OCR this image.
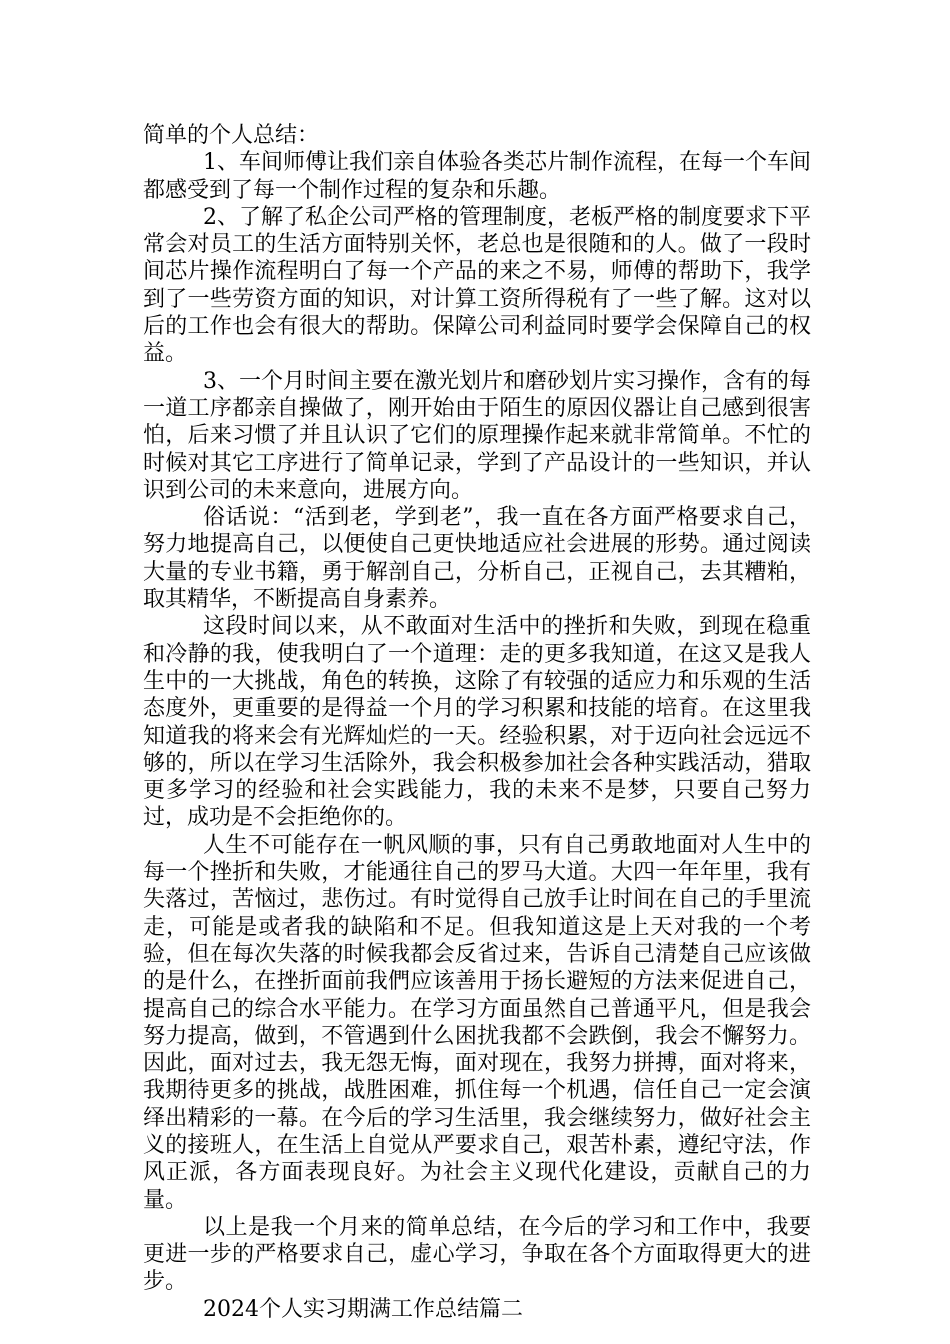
简单的个人总结：

1、车间师傅让我们亲自体验各类芯片制作流程，在每一个车间都感受到了每一个制作过程的复杂和乐趣。

2、了解了私企公司严格的管理制度，老板严格的制度要求下平常会对员工的生活方面特别关怀，老总也是很随和的人。做了一段时间芯片操作流程明白了每一个产品的来之不易，师傅的帮助下，我学到了一些劳资方面的知识，对计算工资所得税有了一些了解。这对以后的工作也会有很大的帮助。保障公司利益同时要学会保障自己的权益。

3、一个月时间主要在激光划片和磨砂划片实习操作，含有的每一道工序都亲自操做了，刚开始由于陌生的原因仪器让自己感到很害怕，后来习惯了并且认识了它们的原理操作起来就非常简单。不忙的时候对其它工序进行了简单记录，学到了产品设计的一些知识，并认识到公司的未来意向，进展方向。

俗话说：“活到老，学到老”，我一直在各方面严格要求自己，努力地提高自己，以便使自己更快地适应社会进展的形势。通过阅读大量的专业书籍，勇于解剖自己，分析自己，正视自己，去其糟粕，取其精华，不断提高自身素养。

这段时间以来，从不敢面对生活中的挫折和失败，到现在稳重和冷静的我，使我明白了一个道理：走的更多我知道，在这又是我人生中的一大挑战，角色的转换，这除了有较强的适应力和乐观的生活态度外，更重要的是得益一个月的学习积累和技能的培育。在这里我知道我的将来会有光辉灿烂的一天。经验积累，对于迈向社会远远不够的，所以在学习生活除外，我会积极参加社会各种实践活动，猎取更多学习的经验和社会实践能力，我的未来不是梦，只要自己努力过，成功是不会拒绝你的。

人生不可能存在一帆风顺的事，只有自己勇敢地面对人生中的每一个挫折和失败，才能通往自己的罗马大道。大四一年年里，我有失落过，苦恼过，悲伤过。有时觉得自己放手让时间在自己的手里流走，可能是或者我的缺陷和不足。但我知道这是上天对我的一个考验，但在每次失落的时候我都会反省过来，告诉自己清楚自己应该做的是什么，在挫折面前我們应该善用于扬长避短的方法来促进自己，提高自己的综合水平能力。在学习方面虽然自己普通平凡，但是我会努力提高，做到，不管遇到什么困扰我都不会跌倒，我会不懈努力。因此，面对过去，我无怨无悔，面对现在，我努力拼搏，面对将来，我期待更多的挑战，战胜困难，抓住每一个机遇，信任自己一定会演绎出精彩的一幕。在今后的学习生活里，我会继续努力，做好社会主义的接班人，在生活上自觉从严要求自己，艰苦朴素，遵纪守法，作风正派，各方面表现良好。为社会主义现代化建设，贡献自己的力量。

以上是我一个月来的简单总结，在今后的学习和工作中，我要更进一步的严格要求自己，虚心学习，争取在各个方面取得更大的进步。

2024个人实习期满工作总结篇二
